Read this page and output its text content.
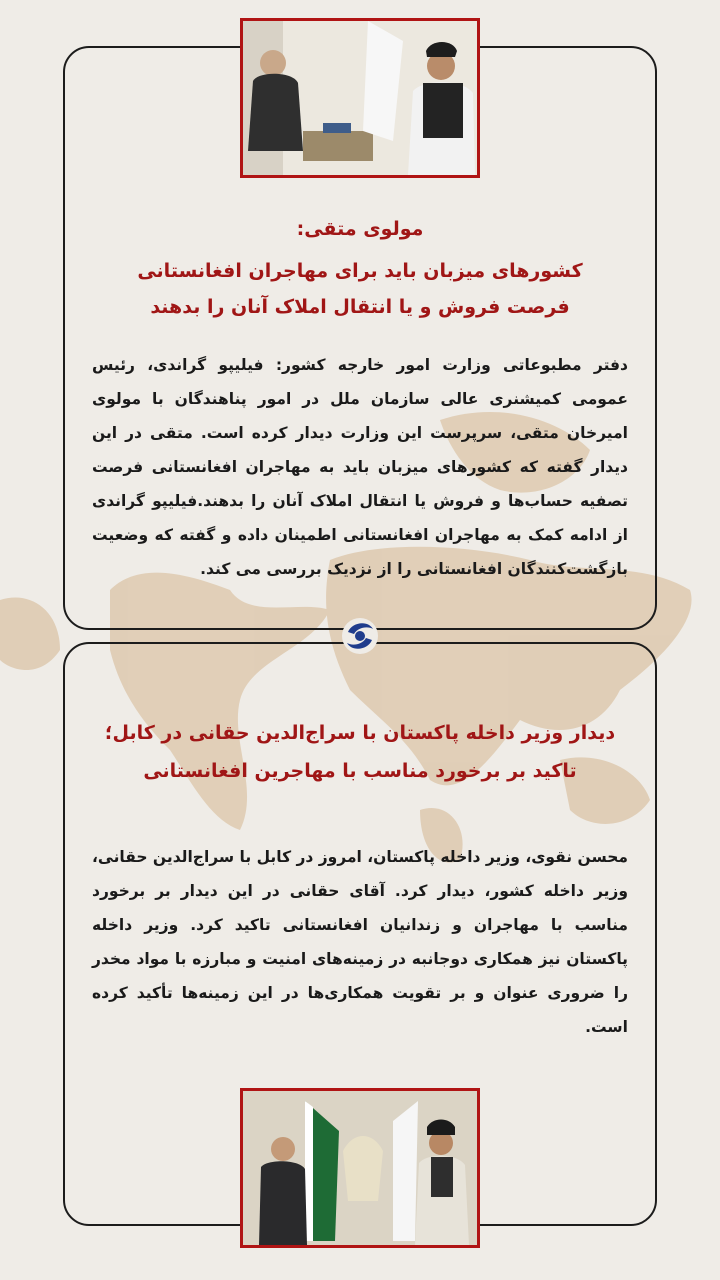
مولوی متقی:
کشورهای میزبان باید برای مهاجران افغانستانی
فرصت فروش و یا انتقال املاک آنان را بدهند
دفتر مطبوعاتی وزارت امور خارجه کشور: فیلیپو گراندی، رئیس عمومی کمیشنری عالی سازمان ملل در امور پناهندگان با مولوی امیرخان متقی، سرپرست این وزارت دیدار کرده است. متقی در این دیدار گفته که کشورهای میزبان باید به مهاجران افغانستانی فرصت تصفیه حساب‌ها و فروش یا انتقال املاک آنان را بدهند.فیلیپو گراندی از ادامه کمک به مهاجران افغانستانی اطمینان داده و گفته که وضعیت بازگشت‌کنندگان افغانستانی را از نزدیک بررسی می کند.
دیدار وزیر داخله پاکستان با سراج‌الدین حقانی در کابل؛
تاکید بر برخورد مناسب با مهاجرین افغانستانی
محسن نقوی، وزیر داخله پاکستان، امروز در کابل با سراج‌الدین حقانی، وزیر داخله کشور، دیدار کرد. آقای حقانی در این دیدار بر برخورد مناسب با مهاجران و زندانیان افغانستانی تاکید کرد. وزیر داخله پاکستان نیز همکاری دوجانبه در زمینه‌های امنیت و مبارزه با مواد مخدر را ضروری عنوان و بر تقویت همکاری‌ها در این زمینه‌ها تأکید کرده است.
